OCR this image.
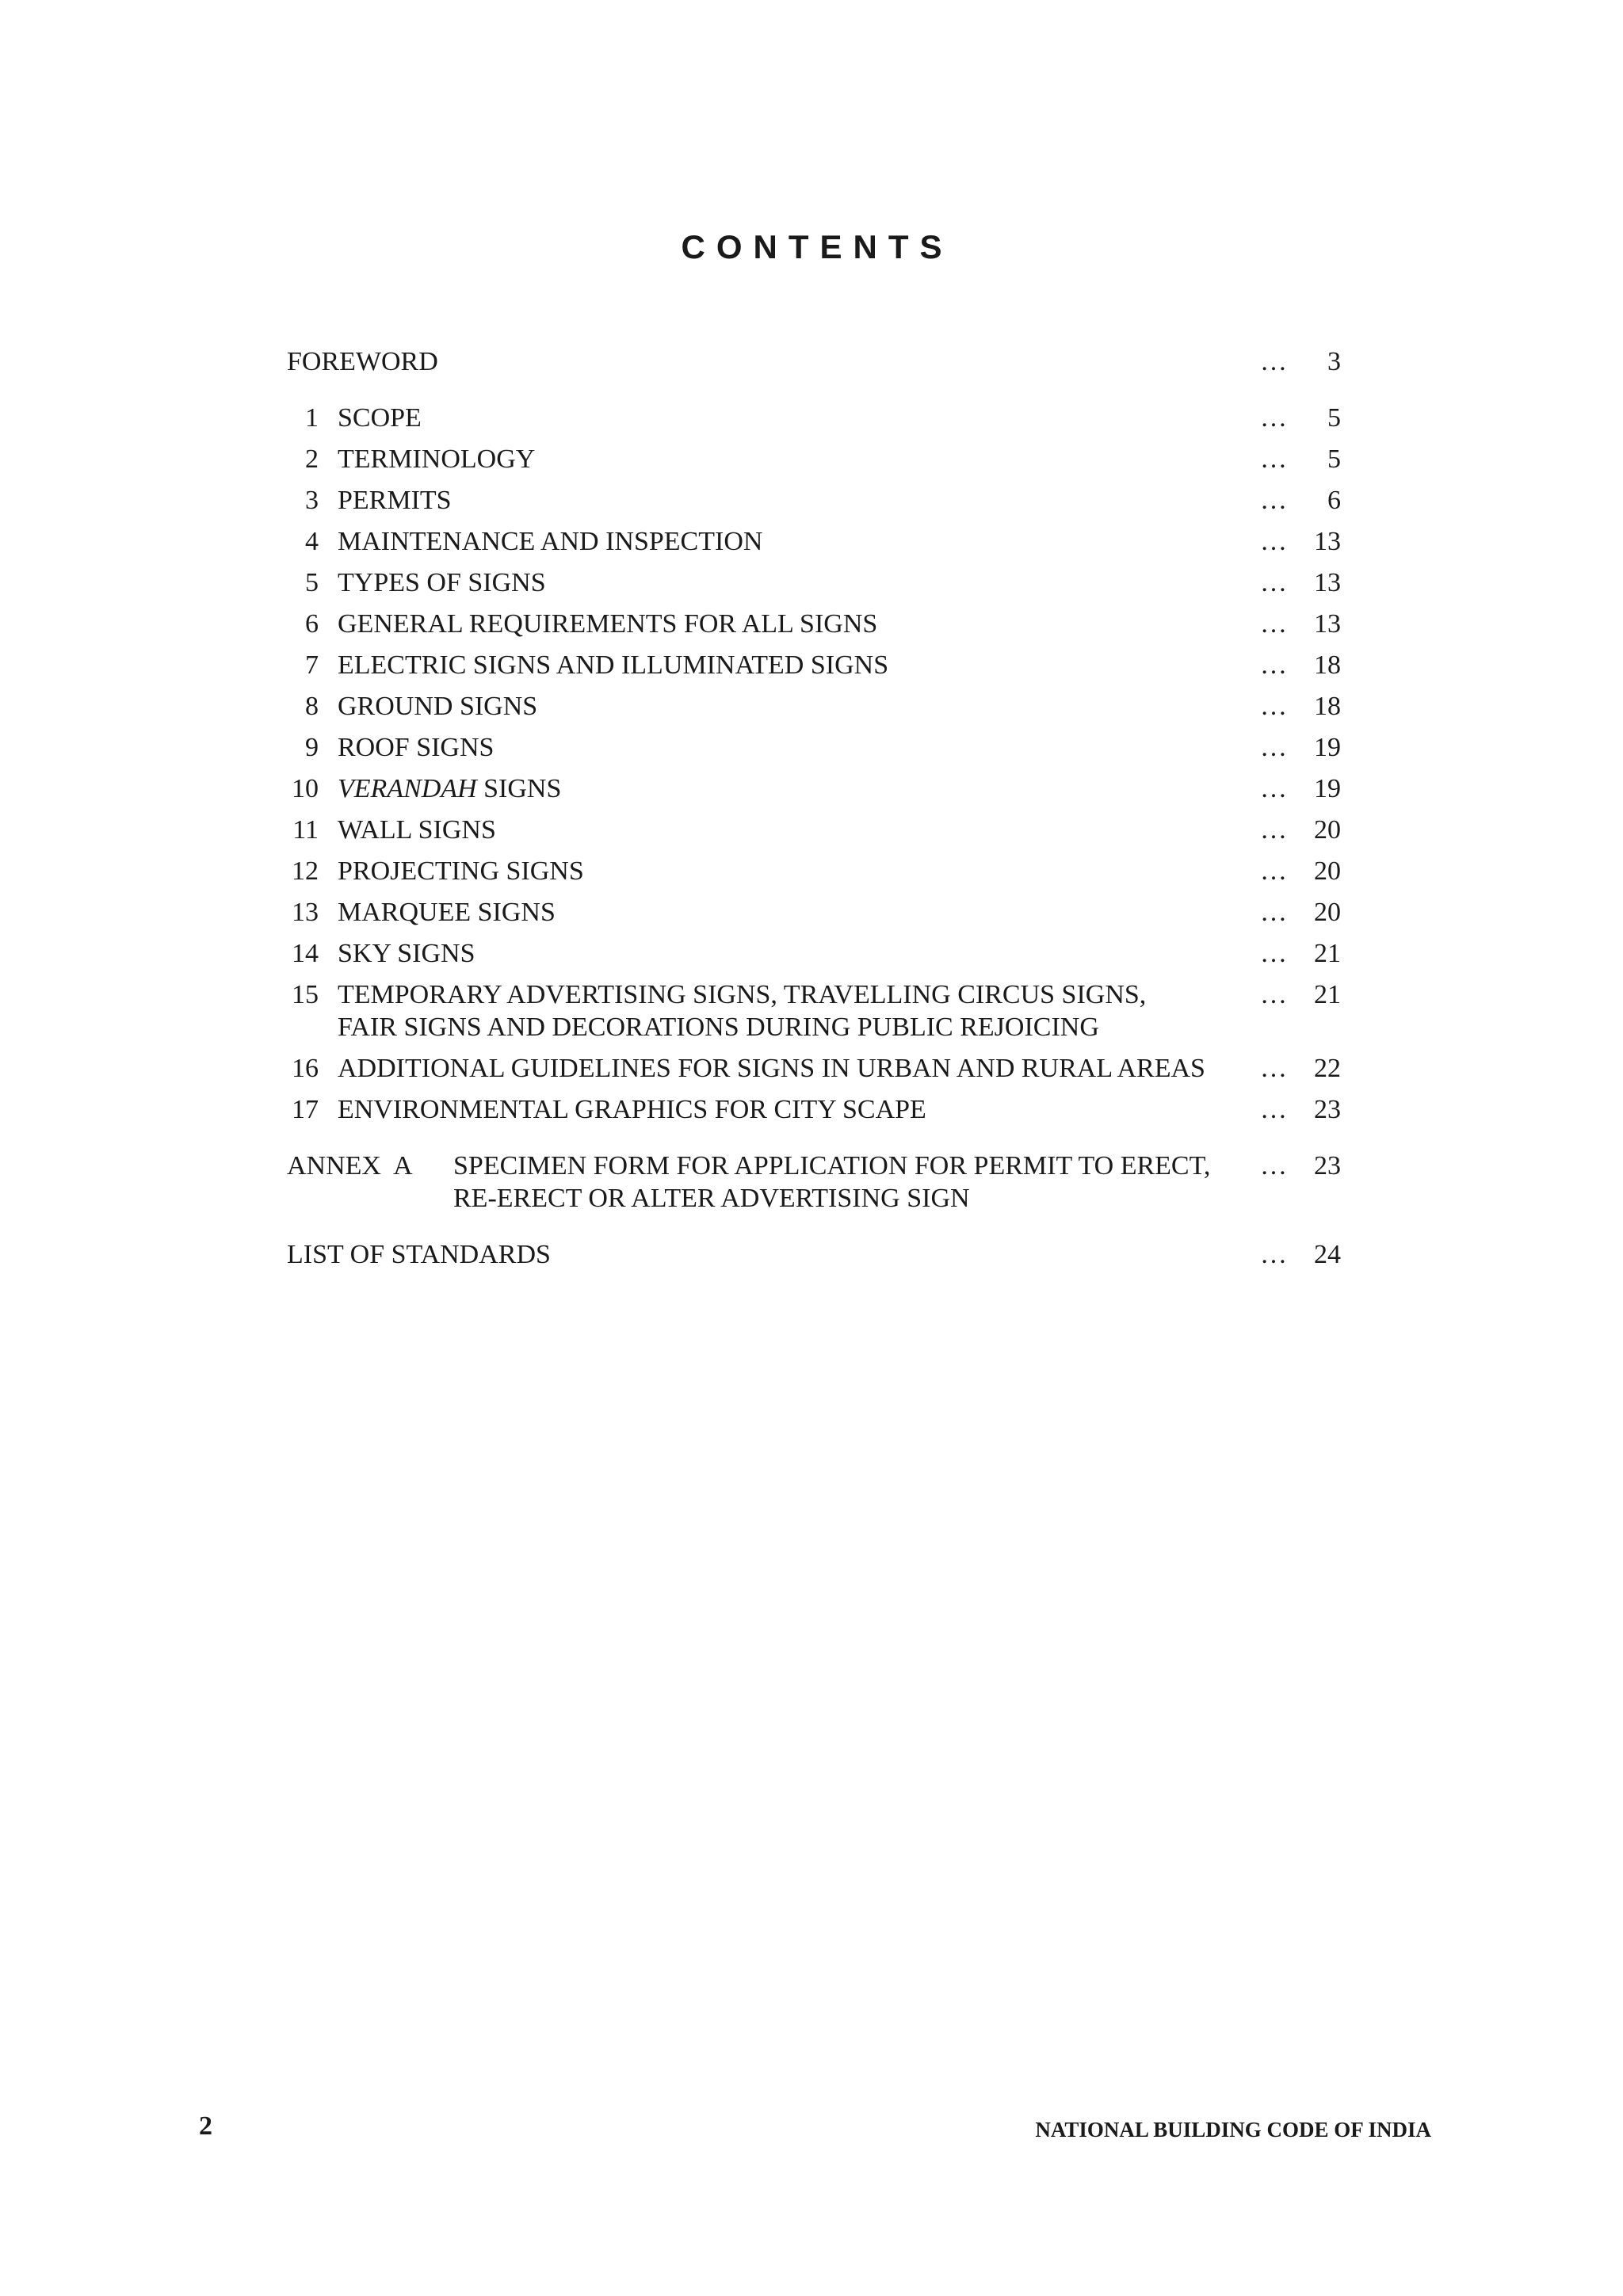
CONTENTS
FOREWORD	…	3
1 SCOPE	…	5
2 TERMINOLOGY	…	5
3 PERMITS	…	6
4 MAINTENANCE AND INSPECTION	…	13
5 TYPES OF SIGNS	…	13
6 GENERAL REQUIREMENTS FOR ALL SIGNS	…	13
7 ELECTRIC SIGNS AND ILLUMINATED SIGNS	…	18
8 GROUND SIGNS	…	18
9 ROOF SIGNS	…	19
10 VERANDAH SIGNS	…	19
11 WALL SIGNS	…	20
12 PROJECTING SIGNS	…	20
13 MARQUEE SIGNS	…	20
14 SKY SIGNS	…	21
15 TEMPORARY ADVERTISING SIGNS, TRAVELLING CIRCUS SIGNS,
FAIR SIGNS AND DECORATIONS DURING PUBLIC REJOICING
…	21
16 ADDITIONAL GUIDELINES FOR SIGNS IN URBAN AND RURAL AREAS	…	22
17 ENVIRONMENTAL GRAPHICS FOR CITY SCAPE	…	23
ANNEX  A SPECIMEN FORM FOR APPLICATION FOR PERMIT TO ERECT,
RE-ERECT OR ALTER ADVERTISING SIGN
…	23
LIST OF STANDARDS	…	24
2	NATIONAL BUILDING CODE OF INDIA
